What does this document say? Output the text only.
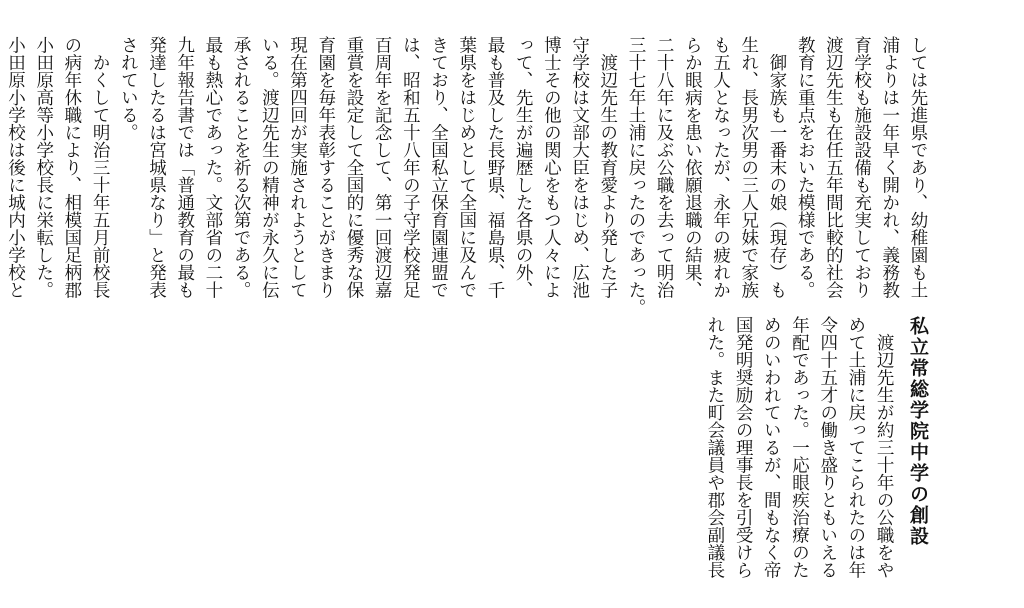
しては先進県であり、幼稚園も土
浦よりは一年早く開かれ、義務教
育学校も施設設備も充実しており
渡辺先生も在任五年間比較的社会
教育に重点をおいた模様である。
　御家族も一番末の娘（現存）も
生れ、長男次男の三人兄妹で家族
も五人となったが、永年の疲れか
らか眼病を患い依願退職の結果、
二十八年に及ぶ公職を去って明治
三十七年土浦に戻ったのであった。
　渡辺先生の教育愛より発した子
守学校は文部大臣をはじめ、広池
博士その他の関心をもつ人々によ
って、先生が遍歴した各県の外、
最も普及した長野県、福島県、千
葉県をはじめとして全国に及んで
きており、全国私立保育園連盟で
は、昭和五十八年の子守学校発足
百周年を記念して、第一回渡辺嘉
重賞を設定して全国的に優秀な保
育園を毎年表彰することがきまり
現在第四回が実施されようとして
いる。渡辺先生の精神が永久に伝
承されることを祈る次第である。
最も熱心であった。文部省の二十
九年報告書では「普通教育の最も
発達したるは宮城県なり」と発表
されている。
　かくして明治三十年五月前校長
の病年休職により、相模国足柄郡
小田原高等小学校長に栄転した。
小田原小学校は後に城内小学校と
私立常総学院中学の創設
　渡辺先生が約三十年の公職をや
めて土浦に戻ってこられたのは年
令四十五才の働き盛りともいえる
年配であった。一応眼疾治療のた
めのいわれているが、間もなく帝
国発明奨励会の理事長を引受けら
れた。また町会議員や郡会副議長
